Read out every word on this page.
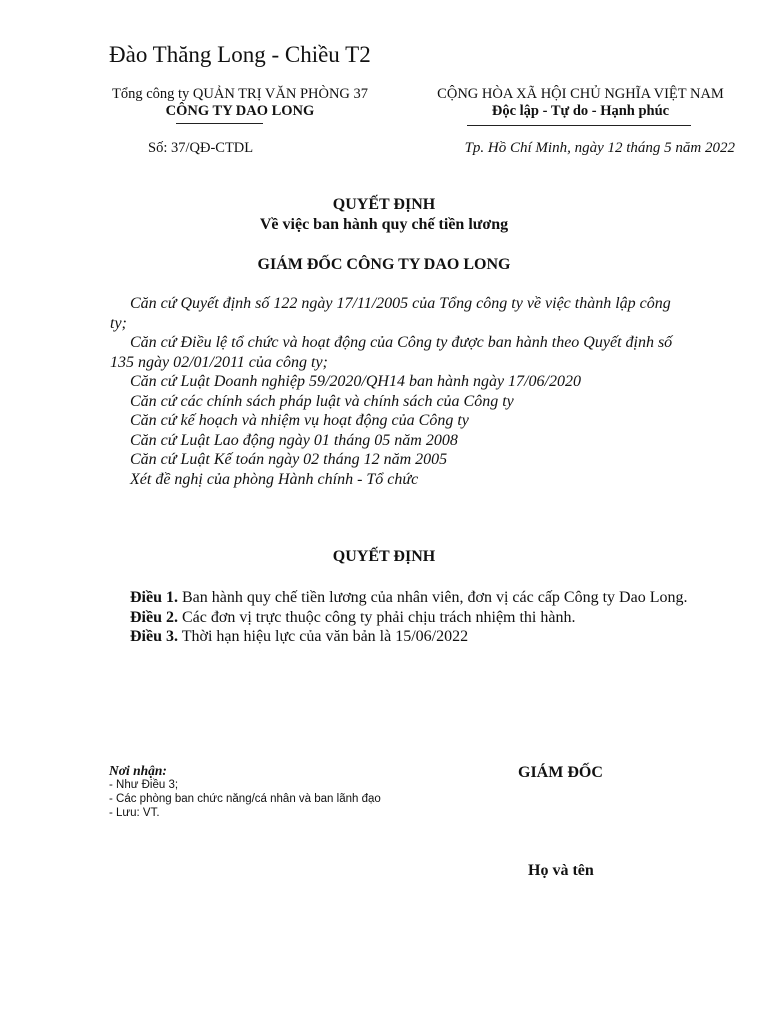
Đào Thăng Long - Chiều T2
Tổng công ty QUẢN TRỊ VĂN PHÒNG 37
CÔNG TY DAO LONG
CỘNG HÒA XÃ HỘI CHỦ NGHĨA VIỆT NAM
Độc lập - Tự do - Hạnh phúc
Số: 37/QĐ-CTDL	Tp. Hồ Chí Minh, ngày 12 tháng 5 năm 2022
QUYẾT ĐỊNH
Về việc ban hành quy chế tiền lương
GIÁM ĐỐC CÔNG TY DAO LONG
Căn cứ Quyết định số 122 ngày 17/11/2005 của Tổng công ty về việc thành lập công ty;
Căn cứ Điều lệ tổ chức và hoạt động của Công ty được ban hành theo Quyết định số 135 ngày 02/01/2011 của công ty;
Căn cứ Luật Doanh nghiệp 59/2020/QH14 ban hành ngày 17/06/2020
Căn cứ các chính sách pháp luật và chính sách của Công ty
Căn cứ kế hoạch và nhiệm vụ hoạt động của Công ty
Căn cứ Luật Lao động ngày 01 tháng 05 năm 2008
Căn cứ Luật Kế toán ngày 02 tháng 12 năm 2005
Xét đề nghị của phòng Hành chính - Tổ chức
QUYẾT ĐỊNH
Điều 1. Ban hành quy chế tiền lương của nhân viên, đơn vị các cấp Công ty Dao Long.
Điều 2. Các đơn vị trực thuộc công ty phải chịu trách nhiệm thi hành.
Điều 3. Thời hạn hiệu lực của văn bản là 15/06/2022
Nơi nhận:
- Như Điều 3;
- Các phòng ban chức năng/cá nhân và ban lãnh đạo
- Lưu: VT.
GIÁM ĐỐC
Họ và tên
